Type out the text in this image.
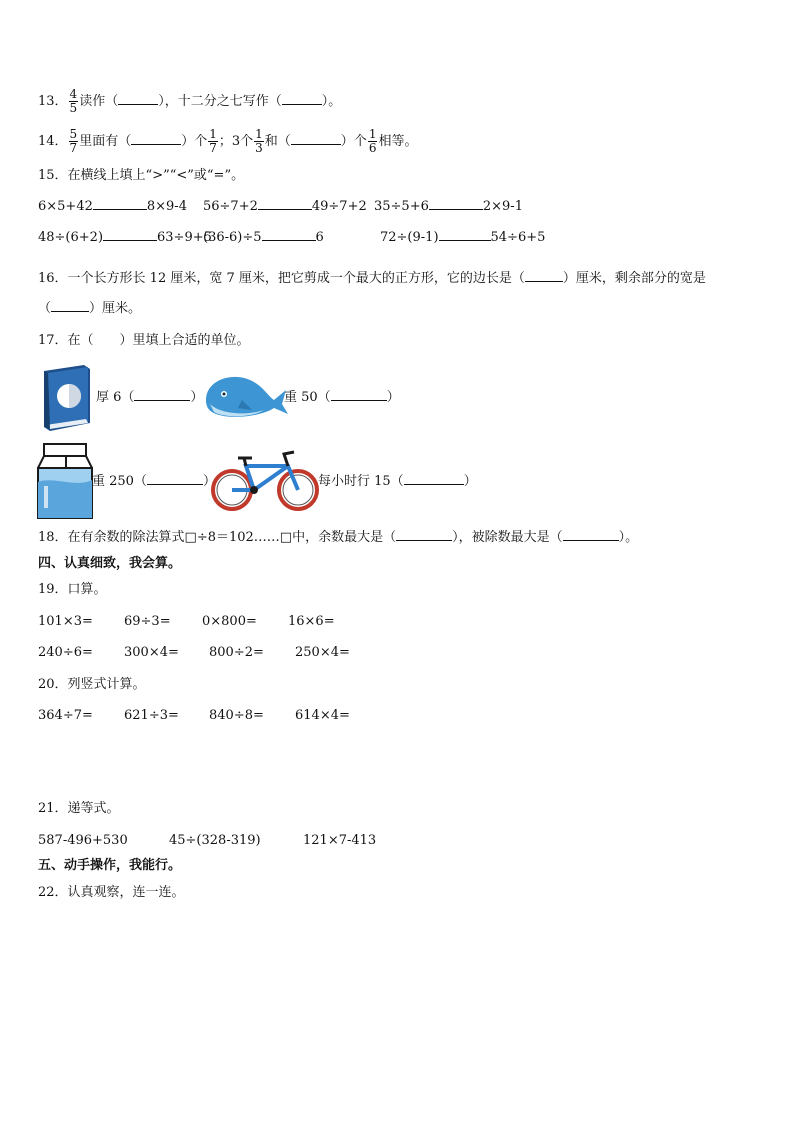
13． $\frac{4}{5}$ 读作（	），十二分之七写作（	）。
14． $\frac{5}{7}$ 里面有（	）个 $\frac{1}{7}$ ；3个 $\frac{1}{3}$ 和（	）个 $\frac{1}{6}$ 相等。
15．在横线上填上“>”“<”或“=”。
6×5+42	8×9-4 56÷7+2	49÷7+2 35÷5+6	2×9-1
48÷(6+2)	63÷9+5
(36-6)÷5	6	72÷(9-1)	54÷6+5
16．一个长方形长 12 厘米，宽 7 厘米，把它剪成一个最大的正方形，它的边长是（	）厘米，剩余部分的宽是
（	）厘米。
17．在（　　）里填上合适的单位。
厚 6（	）	重 50（	）
重 250（	）	每小时行 15（	）
18．在有余数的除法算式□÷8＝102……□中，余数最大是（	），被除数最大是（	）。
四、认真细致，我会算。
19．口算。
101×3= 69÷3= 0×800= 16×6=
240÷6= 300×4= 800÷2= 250×4=
20．列竖式计算。
364÷7= 621÷3= 840÷8= 614×4=
21．递等式。
587-496+530	45÷(328-319)	121×7-413
五、动手操作，我能行。
22．认真观察，连一连。
